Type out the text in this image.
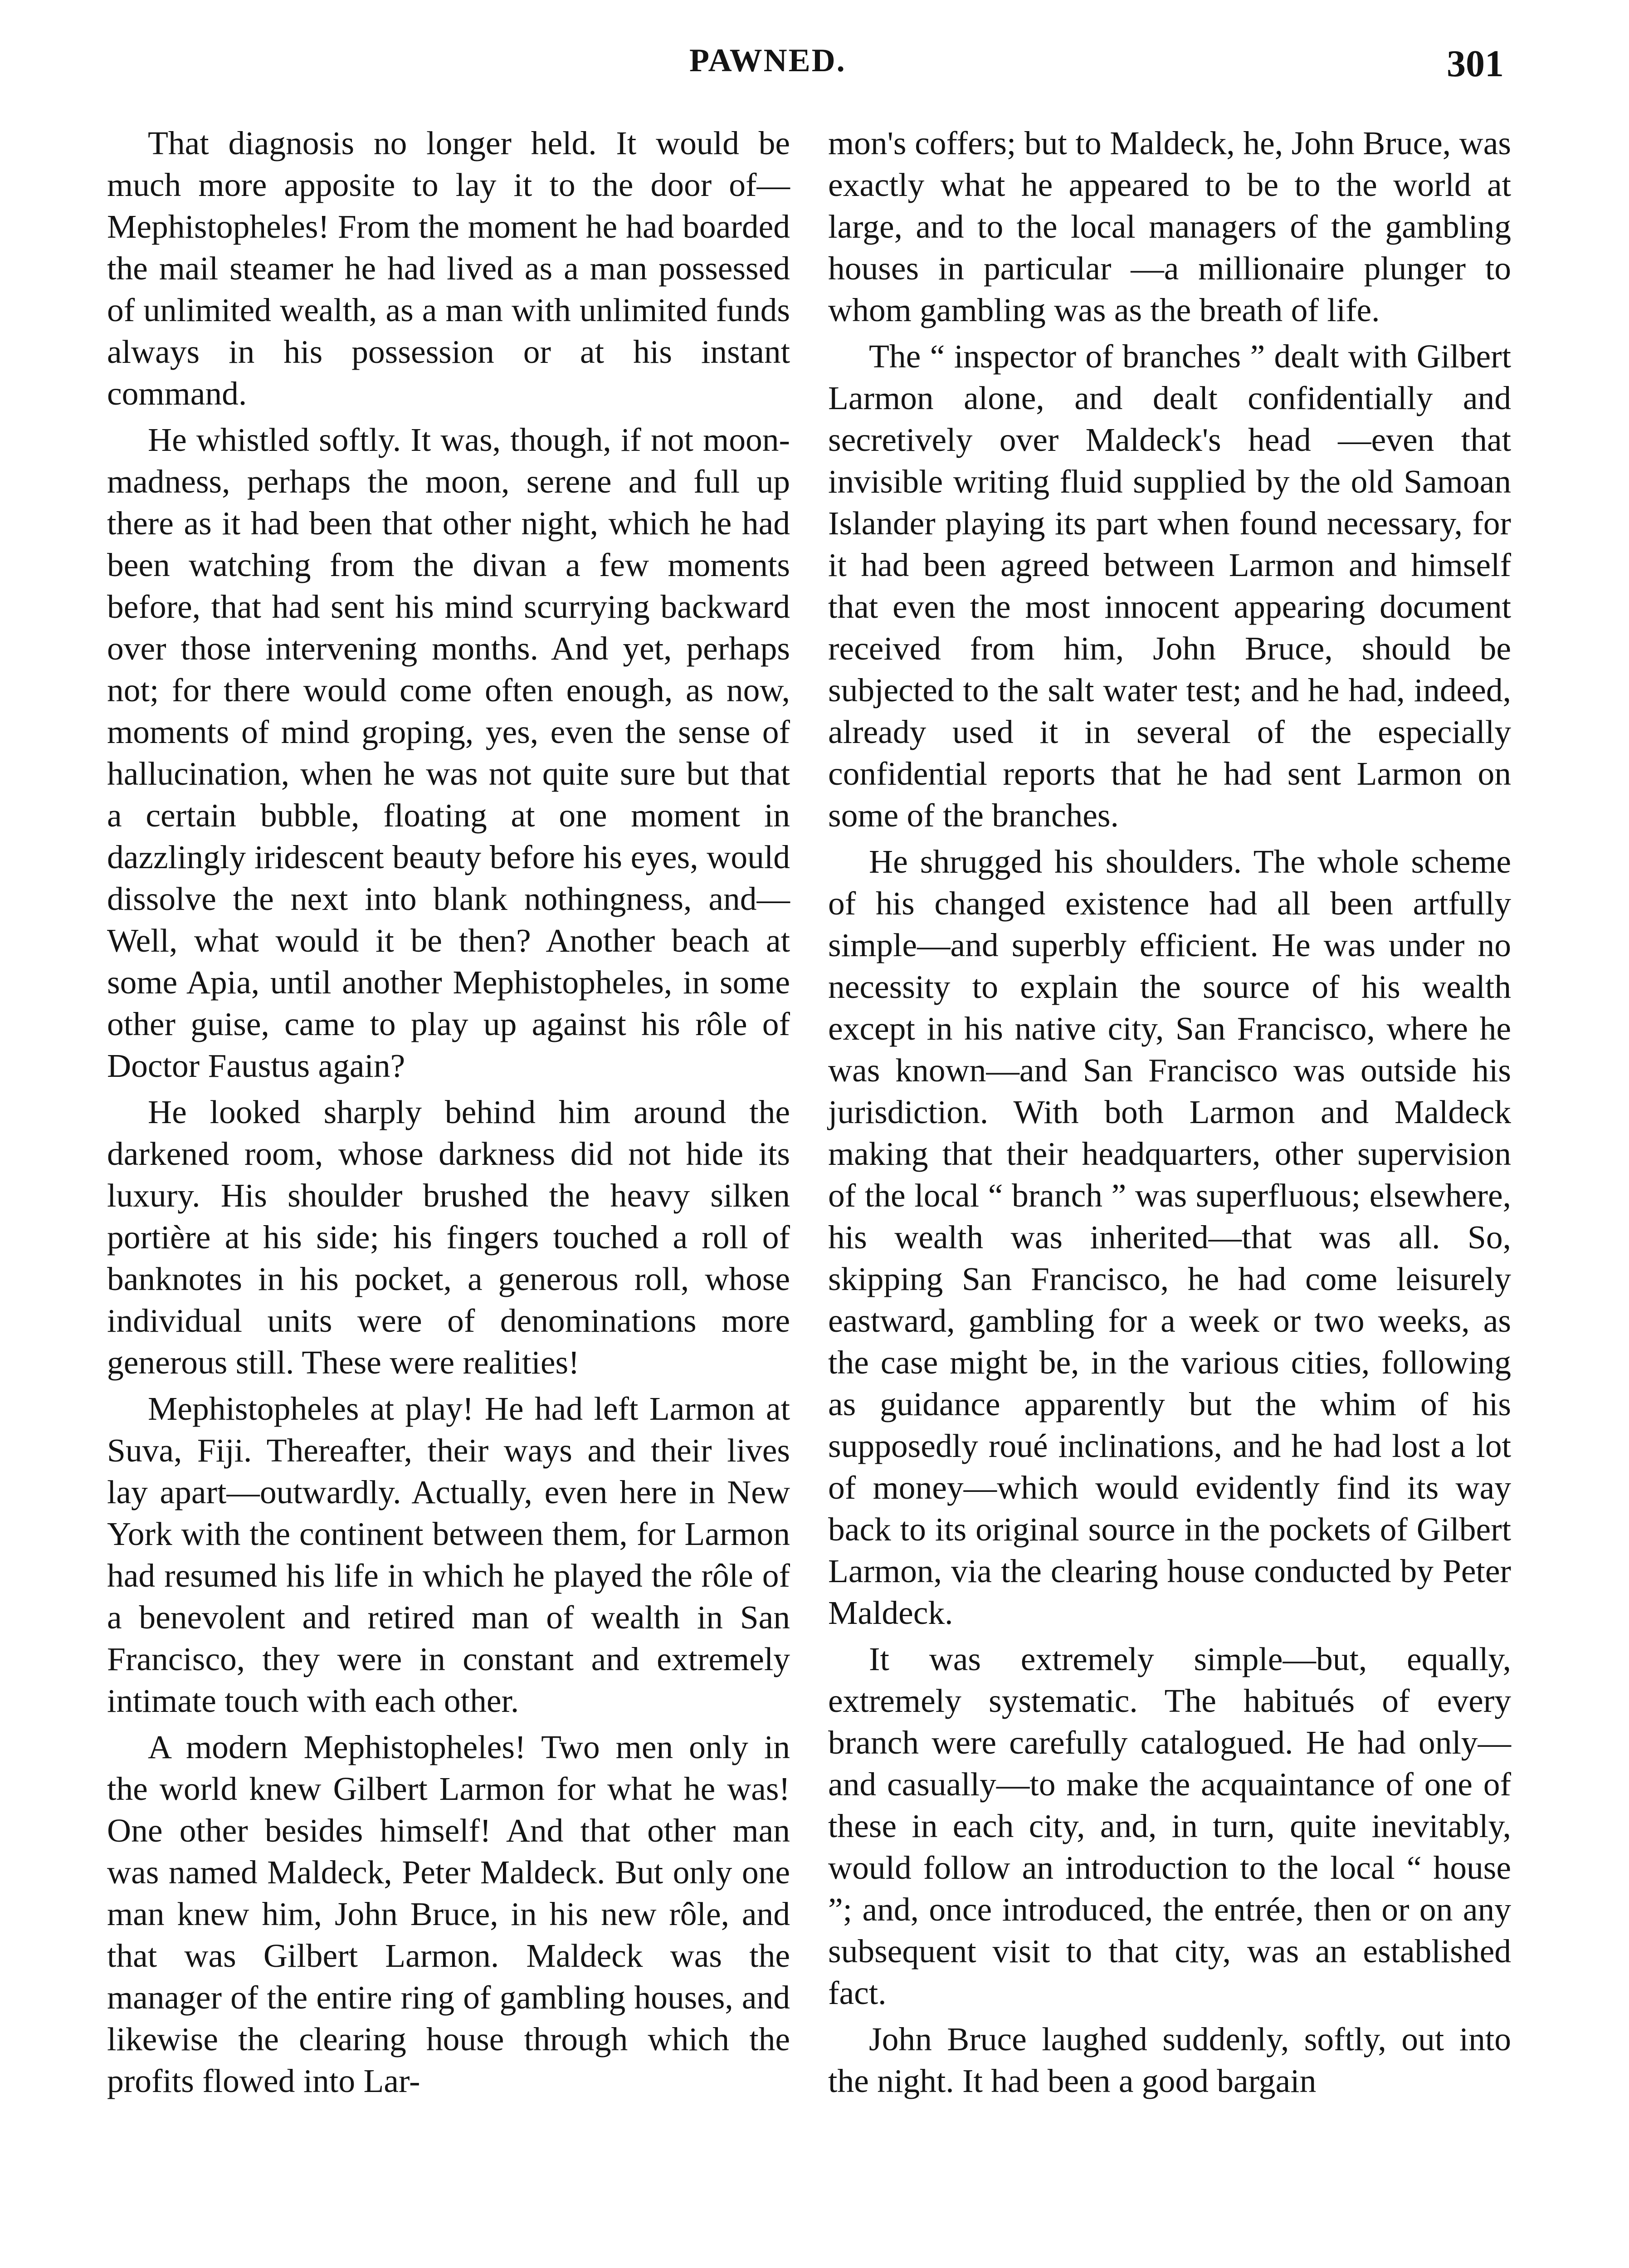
PAWNED.	301

That diagnosis no longer held. It would be much more apposite to lay it to the door of—Mephistopheles! From the moment he had boarded the mail steamer he had lived as a man possessed of unlimited wealth, as a man with unlimited funds always in his possession or at his instant command.

He whistled softly. It was, though, if not moon-madness, perhaps the moon, serene and full up there as it had been that other night, which he had been watching from the divan a few moments before, that had sent his mind scurrying backward over those intervening months. And yet, perhaps not; for there would come often enough, as now, moments of mind groping, yes, even the sense of hallucination, when he was not quite sure but that a certain bubble, floating at one moment in dazzlingly iridescent beauty before his eyes, would dissolve the next into blank nothingness, and— Well, what would it be then? Another beach at some Apia, until another Mephistopheles, in some other guise, came to play up against his rôle of Doctor Faustus again?

He looked sharply behind him around the darkened room, whose darkness did not hide its luxury. His shoulder brushed the heavy silken portière at his side; his fingers touched a roll of banknotes in his pocket, a generous roll, whose individual units were of denominations more generous still. These were realities!

Mephistopheles at play! He had left Larmon at Suva, Fiji. Thereafter, their ways and their lives lay apart—outwardly. Actually, even here in New York with the continent between them, for Larmon had resumed his life in which he played the rôle of a benevolent and retired man of wealth in San Francisco, they were in constant and extremely intimate touch with each other.

A modern Mephistopheles! Two men only in the world knew Gilbert Larmon for what he was! One other besides himself! And that other man was named Maldeck, Peter Maldeck. But only one man knew him, John Bruce, in his new rôle, and that was Gilbert Larmon. Maldeck was the manager of the entire ring of gambling houses, and likewise the clearing house through which the profits flowed into Lar-

mon's coffers; but to Maldeck, he, John Bruce, was exactly what he appeared to be to the world at large, and to the local managers of the gambling houses in particular —a millionaire plunger to whom gambling was as the breath of life.

The “ inspector of branches ” dealt with Gilbert Larmon alone, and dealt confidentially and secretively over Maldeck's head —even that invisible writing fluid supplied by the old Samoan Islander playing its part when found necessary, for it had been agreed between Larmon and himself that even the most innocent appearing document received from him, John Bruce, should be subjected to the salt water test; and he had, indeed, already used it in several of the especially confidential reports that he had sent Larmon on some of the branches.

He shrugged his shoulders. The whole scheme of his changed existence had all been artfully simple—and superbly efficient. He was under no necessity to explain the source of his wealth except in his native city, San Francisco, where he was known—and San Francisco was outside his jurisdiction. With both Larmon and Maldeck making that their headquarters, other supervision of the local “ branch ” was superfluous; elsewhere, his wealth was inherited—that was all. So, skipping San Francisco, he had come leisurely eastward, gambling for a week or two weeks, as the case might be, in the various cities, following as guidance apparently but the whim of his supposedly roué inclinations, and he had lost a lot of money—which would evidently find its way back to its original source in the pockets of Gilbert Larmon, via the clearing house conducted by Peter Maldeck.

It was extremely simple—but, equally, extremely systematic. The habitués of every branch were carefully catalogued. He had only—and casually—to make the acquaintance of one of these in each city, and, in turn, quite inevitably, would follow an introduction to the local “ house ”; and, once introduced, the entrée, then or on any subsequent visit to that city, was an established fact.

John Bruce laughed suddenly, softly, out into the night. It had been a good bargain
